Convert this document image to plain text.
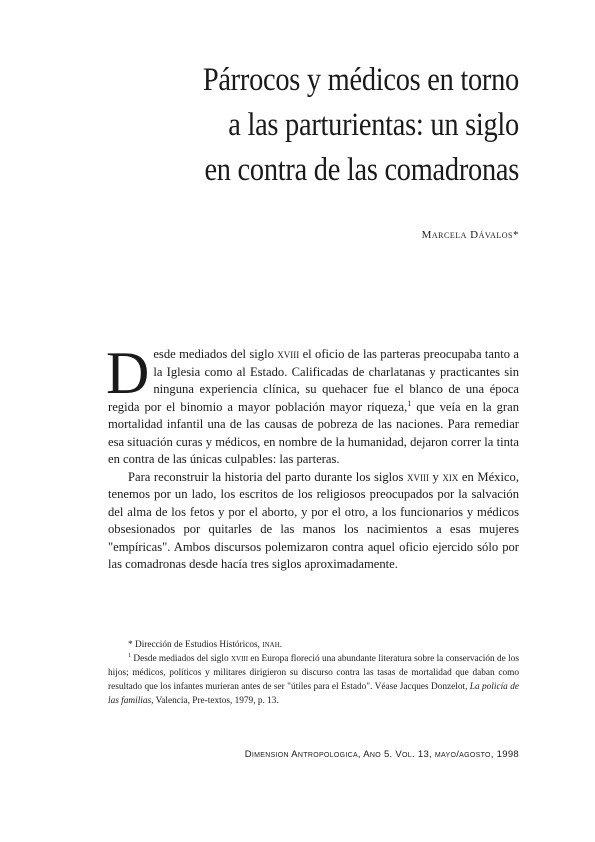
Párrocos y médicos en torno
a las parturientas: un siglo
en contra de las comadronas
Marcela Dávalos*

Desde mediados del siglo xviii el oficio de las parteras preocupaba tanto a la Iglesia como al Estado. Calificadas de charlatanas y practicantes sin ninguna experiencia clínica, su quehacer fue el blanco de una época regida por el binomio a mayor población mayor riqueza,$^1$ que veía en la gran mortalidad infantil una de las causas de pobreza de las naciones. Para remediar esa situación curas y médicos, en nombre de la humanidad, dejaron correr la tinta en contra de las únicas culpables: las parteras.

Para reconstruir la historia del parto durante los siglos xviii y xix en México, tenemos por un lado, los escritos de los religiosos preocupados por la salvación del alma de los fetos y por el aborto, y por el otro, a los funcionarios y médicos obsesionados por quitarles de las manos los nacimientos a esas mujeres "empíricas". Ambos discursos polemizaron contra aquel oficio ejercido sólo por las comadronas desde hacía tres siglos aproximadamente.

* Dirección de Estudios Históricos, inah.

$^1$ Desde mediados del siglo xviii en Europa floreció una abundante literatura sobre la conservación de los hijos; médicos, políticos y militares dirigieron su discurso contra las tasas de mortalidad que daban como resultado que los infantes murieran antes de ser "útiles para el Estado". Véase Jacques Donzelot, La policía de las familias, Valencia, Pre-textos, 1979, p. 13.

Dimension Antropologica, Ano 5. Vol. 13, mayo/agosto, 1998
